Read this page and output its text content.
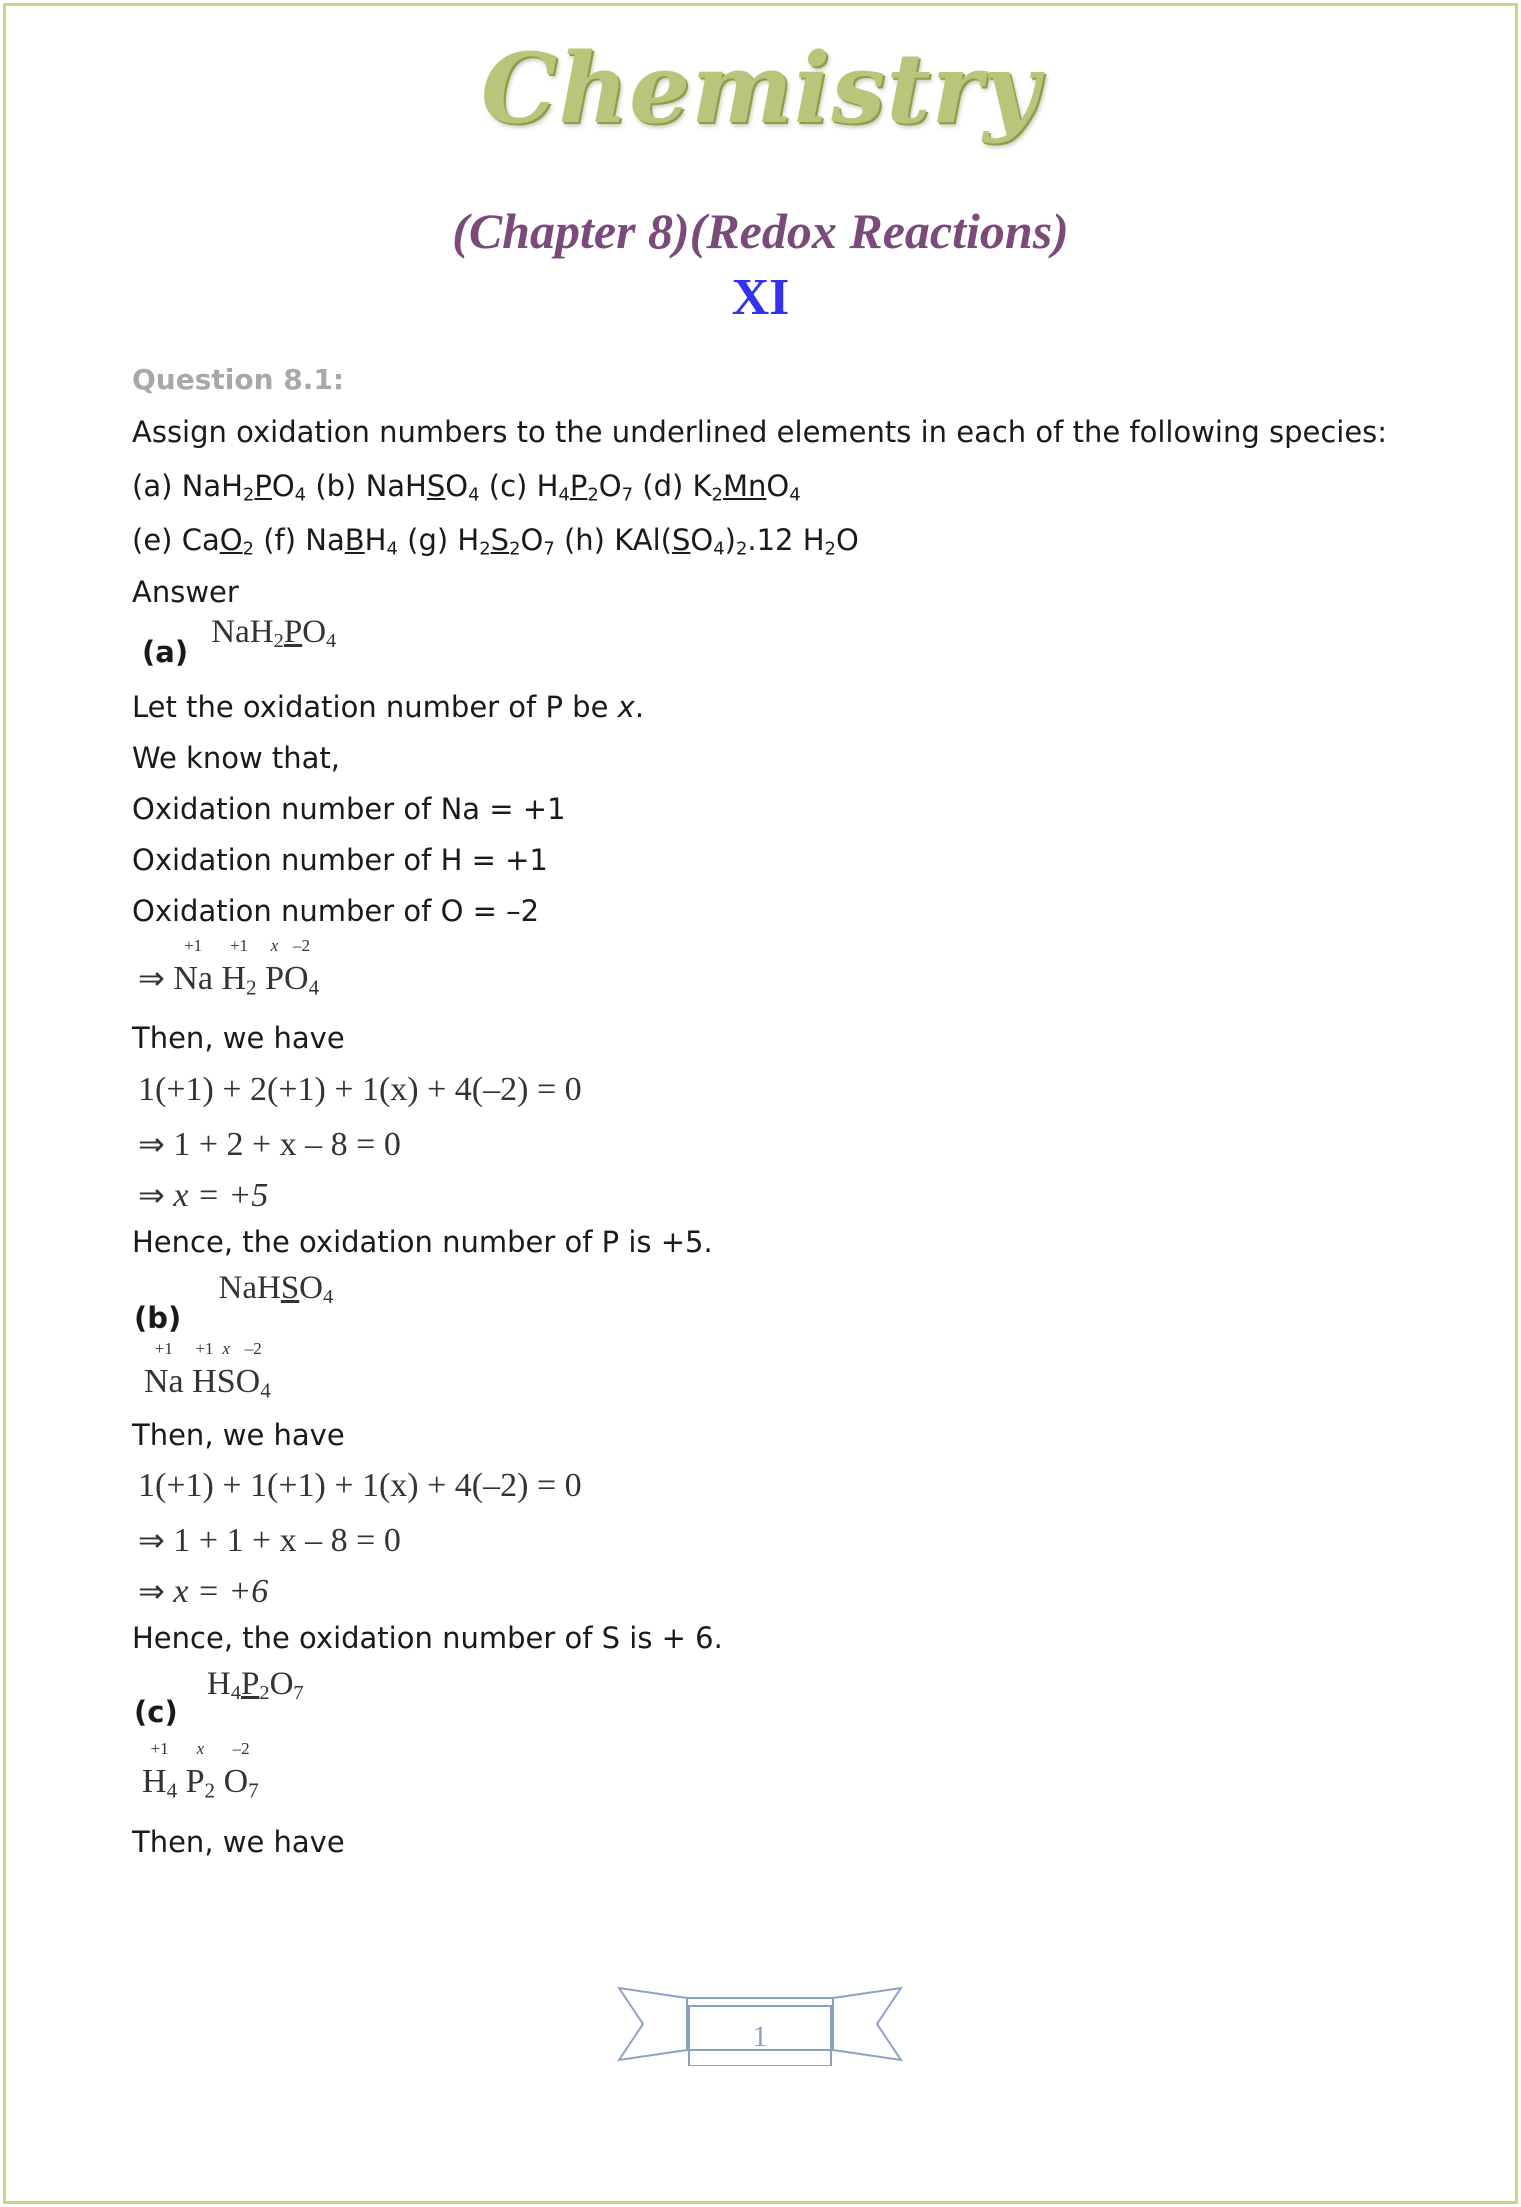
Chemistry
(Chapter 8)(Redox Reactions)
XI
Question 8.1:
Assign oxidation numbers to the underlined elements in each of the following species:
(a) $NaH_2PO_4$ (b) NaHSO$_4$ (c) $H_4P_2O_7$ (d) $K_2MnO_4$
(e) CaO$_2$ (f) NaBH$_4$ (g) $H_2S_2O_7$ (h) $KAl(SO_4)_2.12$ $H_2O$
Answer
(a) $NaH_2PO_4$
Let the oxidation number of P be x.
We know that,
Oxidation number of Na = +1
Oxidation number of H = +1
Oxidation number of O = –2
⇒
+1
Na
+1
$H_2$
x
P
–2
$O_4$
Then, we have
1(+1) + 2(+1) + 1(x) + 4(–2) = 0
⇒ 1 + 2 + x – 8 = 0
⇒ x = +5
Hence, the oxidation number of P is +5.
(b) NaHSO$_4$
+1
Na
+1
H
x
S
–2
$O_4$
Then, we have
1(+1) + 1(+1) + 1(x) + 4(–2) = 0
⇒ 1 + 1 + x – 8 = 0
⇒ x = +6
Hence, the oxidation number of S is + 6.
(c) $H_4P_2O_7$
+1
$H_4$
x
$P_2$
–2
$O_7$
Then, we have
1
